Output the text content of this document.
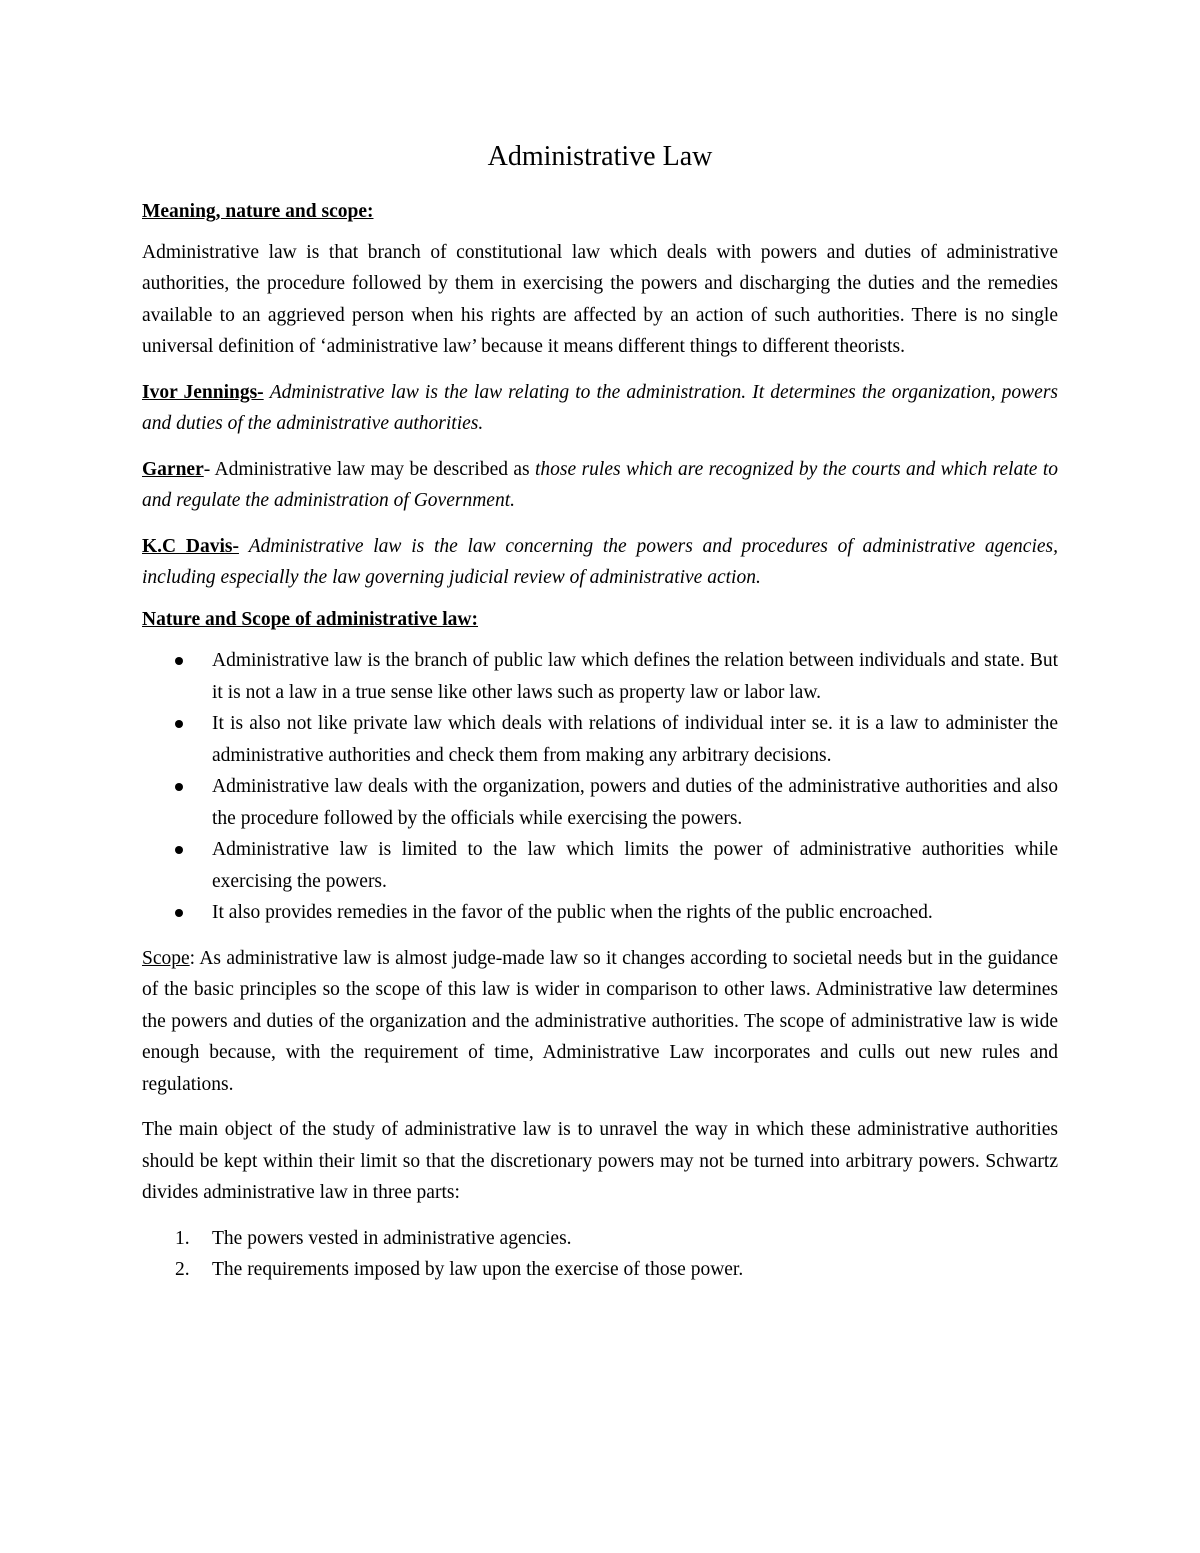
Administrative Law
Meaning, nature and scope:

Administrative law is that branch of constitutional law which deals with powers and duties of administrative authorities, the procedure followed by them in exercising the powers and discharging the duties and the remedies available to an aggrieved person when his rights are affected by an action of such authorities. There is no single universal definition of ‘administrative law’ because it means different things to different theorists.

Ivor Jennings- Administrative law is the law relating to the administration. It determines the organization, powers and duties of the administrative authorities.

Garner- Administrative law may be described as those rules which are recognized by the courts and which relate to and regulate the administration of Government.

K.C Davis- Administrative law is the law concerning the powers and procedures of administrative agencies, including especially the law governing judicial review of administrative action.

Nature and Scope of administrative law:
Administrative law is the branch of public law which defines the relation between individuals and state. But it is not a law in a true sense like other laws such as property law or labor law.
It is also not like private law which deals with relations of individual inter se. it is a law to administer the administrative authorities and check them from making any arbitrary decisions.
Administrative law deals with the organization, powers and duties of the administrative authorities and also the procedure followed by the officials while exercising the powers.
Administrative law is limited to the law which limits the power of administrative authorities while exercising the powers.
It also provides remedies in the favor of the public when the rights of the public encroached.

Scope: As administrative law is almost judge-made law so it changes according to societal needs but in the guidance of the basic principles so the scope of this law is wider in comparison to other laws. Administrative law determines the powers and duties of the organization and the administrative authorities. The scope of administrative law is wide enough because, with the requirement of time, Administrative Law incorporates and culls out new rules and regulations.

The main object of the study of administrative law is to unravel the way in which these administrative authorities should be kept within their limit so that the discretionary powers may not be turned into arbitrary powers. Schwartz divides administrative law in three parts:

1. The powers vested in administrative agencies.
2. The requirements imposed by law upon the exercise of those power.
